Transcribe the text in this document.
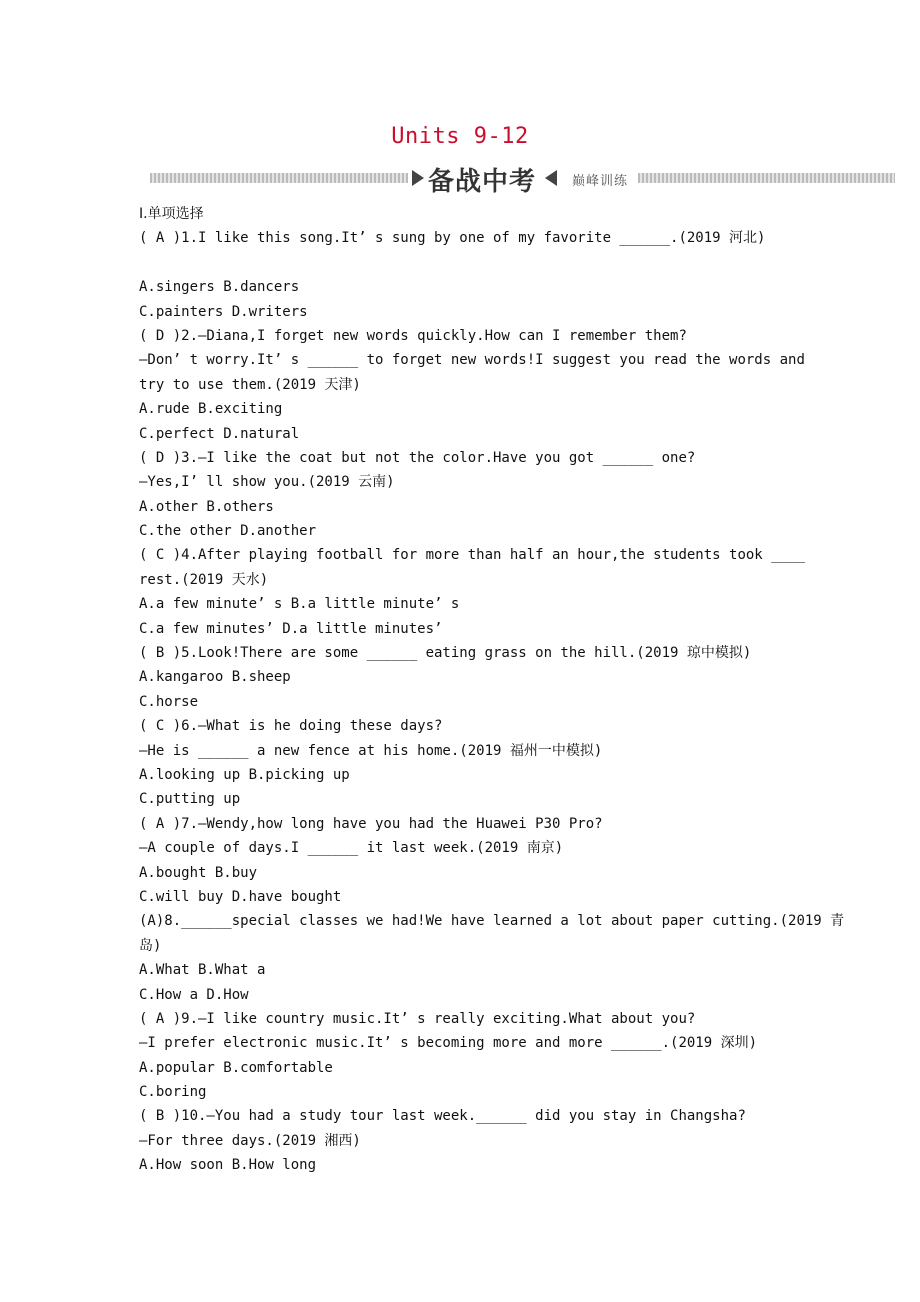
Units 9-12
备战中考	巅峰训练
Ⅰ.单项选择
( A )1.I like this song.It’ s sung by one of my favorite ______.(2019 河北)
A.singers B.dancers
C.painters D.writers
( D )2.—Diana,I forget new words quickly.How can I remember them?
—Don’ t worry.It’ s ______ to forget new words!I suggest you read the words and
try to use them.(2019 天津)
A.rude B.exciting
C.perfect D.natural
( D )3.—I like the coat but not the color.Have you got ______ one?
—Yes,I’ ll show you.(2019 云南)
A.other B.others
C.the other D.another
( C )4.After playing football for more than half an hour,the students took ____
rest.(2019 天水)
A.a few minute’ s B.a little minute’ s
C.a few minutes’ D.a little minutes’
( B )5.Look!There are some ______ eating grass on the hill.(2019 琼中模拟)
A.kangaroo B.sheep
C.horse
( C )6.—What is he doing these days?
—He is ______ a new fence at his home.(2019 福州一中模拟)
A.looking up B.picking up
C.putting up
( A )7.—Wendy,how long have you had the Huawei P30 Pro?
—A couple of days.I ______ it last week.(2019 南京)
A.bought B.buy
C.will buy D.have bought
(A)8.______special classes we had!We have learned a lot about paper cutting.(2019 青
岛)
A.What B.What a
C.How a D.How
( A )9.—I like country music.It’ s really exciting.What about you?
—I prefer electronic music.It’ s becoming more and more ______.(2019 深圳)
A.popular B.comfortable
C.boring
( B )10.—You had a study tour last week.______ did you stay in Changsha?
—For three days.(2019 湘西)
A.How soon B.How long
